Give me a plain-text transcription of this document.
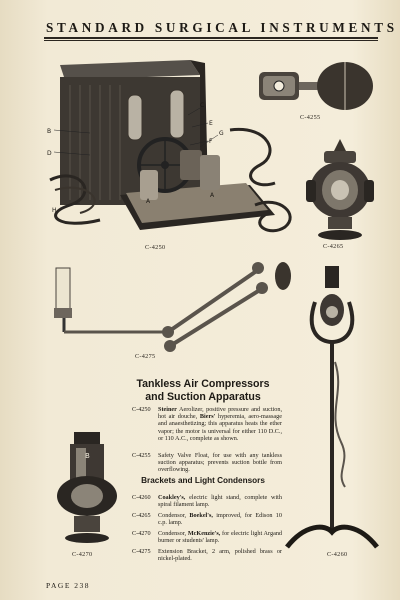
STANDARD SURGICAL INSTRUMENTS
B
D
H
C
E
F
G
A
A
C-4250
C-4255
C-4265
C-4275
B
C-4270	C-4260
Tankless Air Compressors and Suction Apparatus
C-4250	Steiner Aerolizer, positive pressure and suction, hot air douche, Biers' hyperemia, aero-massage and anaesthetizing; this apparatus heats the ether vapor; the motor is universal for either 110 D.C., or 110 A.C., complete as shown.
C-4255	Safety Valve Float, for use with any tankless suction apparatus; prevents suction bottle from overflowing.
Brackets and Light Condensors
C-4260	Coakley's, electric light stand, complete with spiral filament lamp.
C-4265	Condensor, Boekel's, improved, for Edison 10 c.p. lamp.
C-4270	Condensor, McKenzie's, for electric light Argand burner or students' lamp.
C-4275	Extension Bracket, 2 arm, polished brass or nickel-plated.
PAGE 238
